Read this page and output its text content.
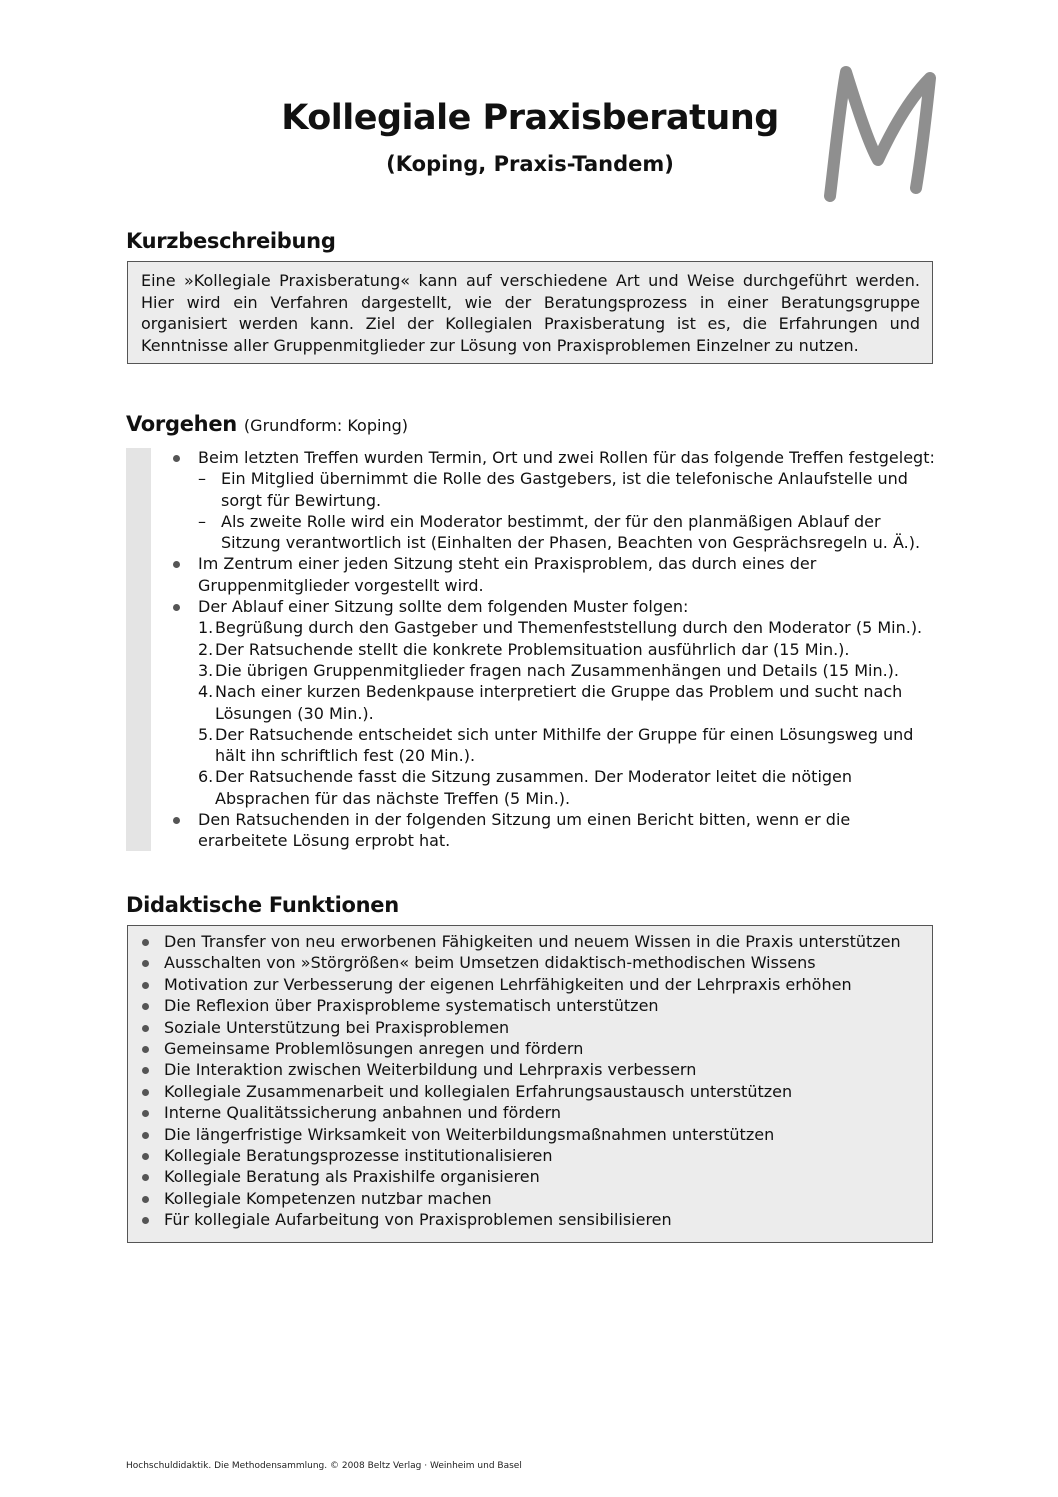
Kollegiale Praxisberatung

(Koping, Praxis-Tandem)

Kurzbeschreibung

Eine »Kollegiale Praxisberatung« kann auf verschiedene Art und Weise durchgeführt werden. Hier wird ein Verfahren dargestellt, wie der Beratungsprozess in einer Beratungsgruppe organisiert werden kann. Ziel der Kollegialen Praxisberatung ist es, die Erfahrungen und Kenntnisse aller Gruppenmitglieder zur Lösung von Praxisproblemen Einzelner zu nutzen.

Vorgehen (Grundform: Koping)
Beim letzten Treffen wurden Termin, Ort und zwei Rollen für das folgende Treffen festgelegt:
– Ein Mitglied übernimmt die Rolle des Gastgebers, ist die telefonische Anlaufstelle und sorgt für Bewirtung.
– Als zweite Rolle wird ein Moderator bestimmt, der für den planmäßigen Ablauf der Sitzung verantwortlich ist (Einhalten der Phasen, Beachten von Gesprächsregeln u. Ä.).
Im Zentrum einer jeden Sitzung steht ein Praxisproblem, das durch eines der Gruppenmitglieder vorgestellt wird.
Der Ablauf einer Sitzung sollte dem folgenden Muster folgen:
1. Begrüßung durch den Gastgeber und Themenfeststellung durch den Moderator (5 Min.).
2. Der Ratsuchende stellt die konkrete Problemsituation ausführlich dar (15 Min.).
3. Die übrigen Gruppenmitglieder fragen nach Zusammenhängen und Details (15 Min.).
4. Nach einer kurzen Bedenkpause interpretiert die Gruppe das Problem und sucht nach Lösungen (30 Min.).
5. Der Ratsuchende entscheidet sich unter Mithilfe der Gruppe für einen Lösungsweg und hält ihn schriftlich fest (20 Min.).
6. Der Ratsuchende fasst die Sitzung zusammen. Der Moderator leitet die nötigen Absprachen für das nächste Treffen (5 Min.).
Den Ratsuchenden in der folgenden Sitzung um einen Bericht bitten, wenn er die erarbeitete Lösung erprobt hat.
Didaktische Funktionen
Den Transfer von neu erworbenen Fähigkeiten und neuem Wissen in die Praxis unterstützen
Ausschalten von »Störgrößen« beim Umsetzen didaktisch-methodischen Wissens
Motivation zur Verbesserung der eigenen Lehrfähigkeiten und der Lehrpraxis erhöhen
Die Reflexion über Praxisprobleme systematisch unterstützen
Soziale Unterstützung bei Praxisproblemen
Gemeinsame Problemlösungen anregen und fördern
Die Interaktion zwischen Weiterbildung und Lehrpraxis verbessern
Kollegiale Zusammenarbeit und kollegialen Erfahrungsaustausch unterstützen
Interne Qualitätssicherung anbahnen und fördern
Die längerfristige Wirksamkeit von Weiterbildungsmaßnahmen unterstützen
Kollegiale Beratungsprozesse institutionalisieren
Kollegiale Beratung als Praxishilfe organisieren
Kollegiale Kompetenzen nutzbar machen
Für kollegiale Aufarbeitung von Praxisproblemen sensibilisieren

Hochschuldidaktik. Die Methodensammlung. © 2008 Beltz Verlag · Weinheim und Basel
